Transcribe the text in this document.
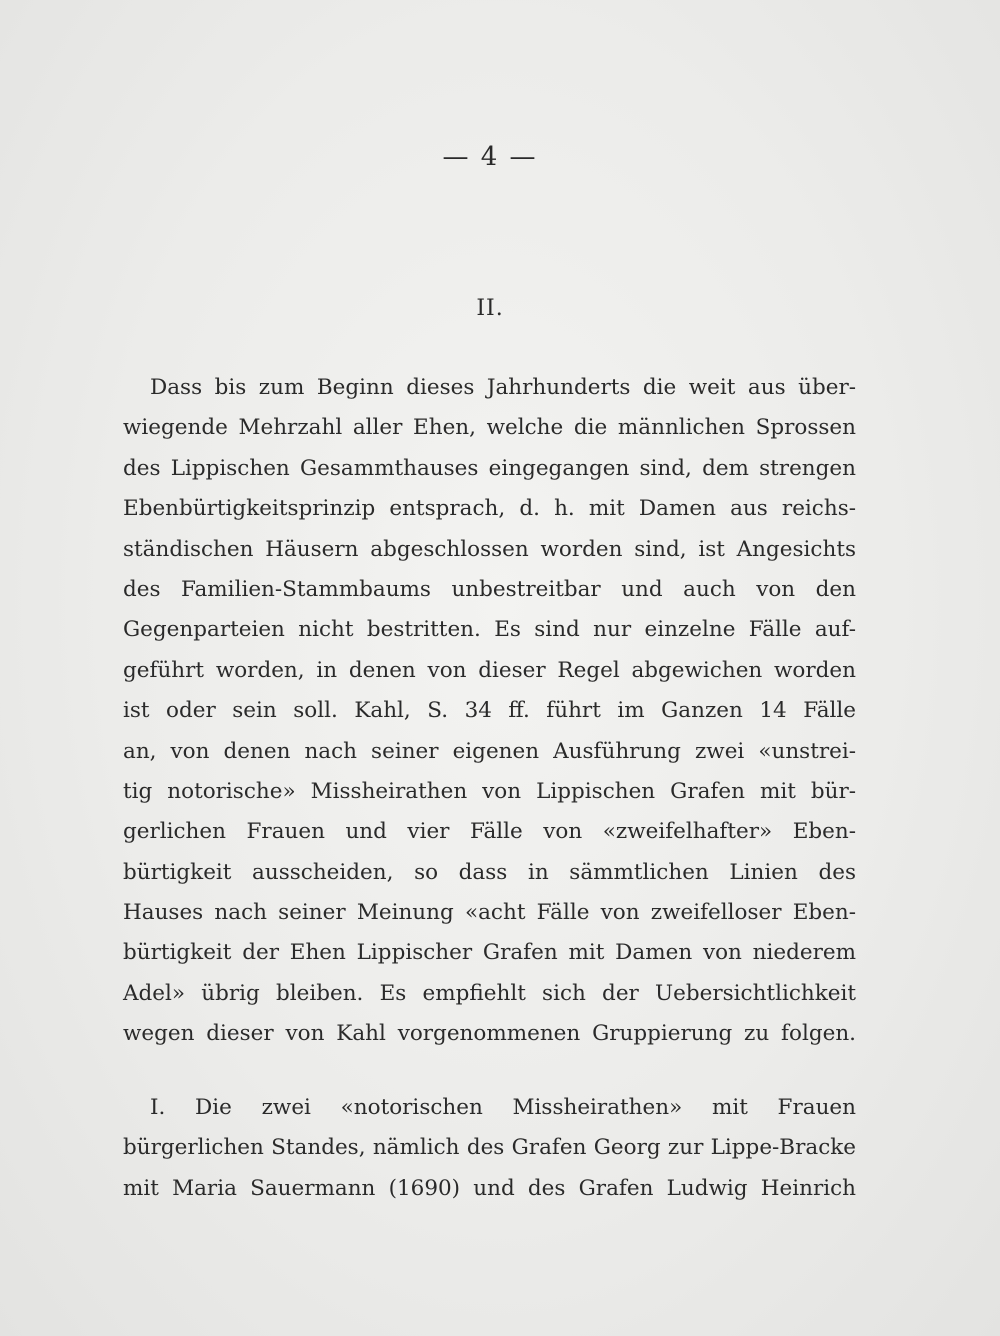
— 4 —
II.
Dass bis zum Beginn dieses Jahrhunderts die weit aus über-
wiegende Mehrzahl aller Ehen, welche die männlichen Sprossen
des Lippischen Gesammthauses eingegangen sind, dem strengen
Ebenbürtigkeitsprinzip entsprach, d. h. mit Damen aus reichs-
ständischen Häusern abgeschlossen worden sind, ist Angesichts
des Familien-Stammbaums unbestreitbar und auch von den
Gegenparteien nicht bestritten. Es sind nur einzelne Fälle auf-
geführt worden, in denen von dieser Regel abgewichen worden
ist oder sein soll. Kahl, S. 34 ff. führt im Ganzen 14 Fälle
an, von denen nach seiner eigenen Ausführung zwei «unstrei-
tig notorische» Missheirathen von Lippischen Grafen mit bür-
gerlichen Frauen und vier Fälle von «zweifelhafter» Eben-
bürtigkeit ausscheiden, so dass in sämmtlichen Linien des
Hauses nach seiner Meinung «acht Fälle von zweifelloser Eben-
bürtigkeit der Ehen Lippischer Grafen mit Damen von niederem
Adel» übrig bleiben. Es empfiehlt sich der Uebersichtlichkeit
wegen dieser von Kahl vorgenommenen Gruppierung zu folgen.
I. Die zwei «notorischen Missheirathen» mit Frauen
bürgerlichen Standes, nämlich des Grafen Georg zur Lippe-Bracke
mit Maria Sauermann (1690) und des Grafen Ludwig Heinrich
